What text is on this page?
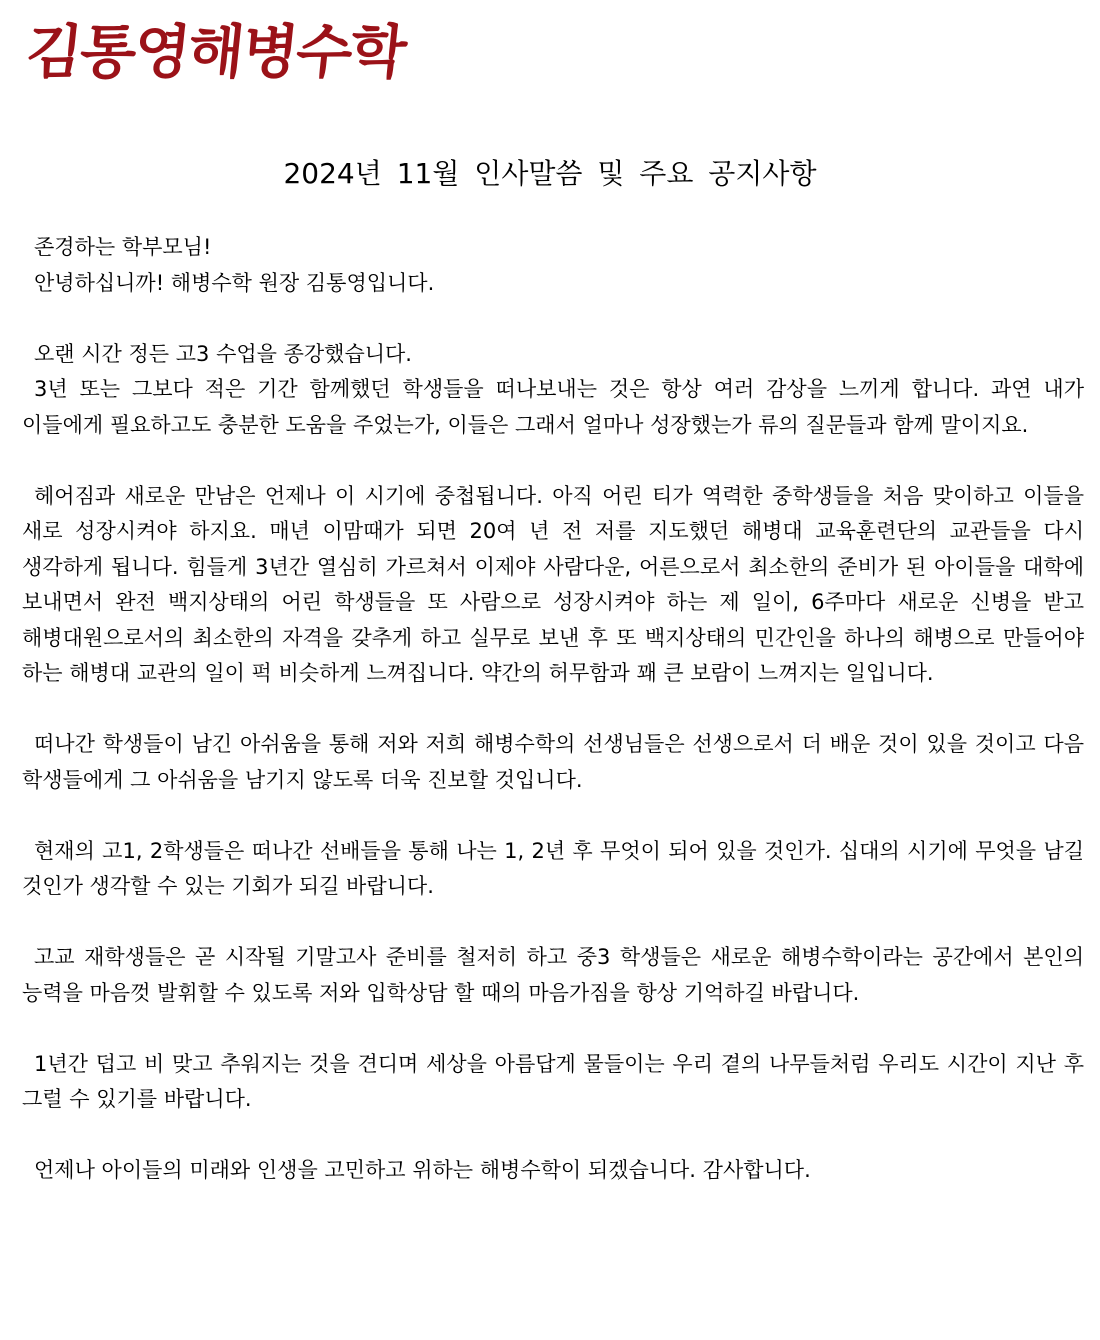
김통영해병수학
2024년 11월 인사말씀 및 주요 공지사항

존경하는 학부모님!

안녕하십니까! 해병수학 원장 김통영입니다.

오랜 시간 정든 고3 수업을 종강했습니다.

3년 또는 그보다 적은 기간 함께했던 학생들을 떠나보내는 것은 항상 여러 감상을 느끼게 합니다. 과연 내가 이들에게 필요하고도 충분한 도움을 주었는가, 이들은 그래서 얼마나 성장했는가 류의 질문들과 함께 말이지요.

헤어짐과 새로운 만남은 언제나 이 시기에 중첩됩니다. 아직 어린 티가 역력한 중학생들을 처음 맞이하고 이들을 새로 성장시켜야 하지요. 매년 이맘때가 되면 20여 년 전 저를 지도했던 해병대 교육훈련단의 교관들을 다시 생각하게 됩니다. 힘들게 3년간 열심히 가르쳐서 이제야 사람다운, 어른으로서 최소한의 준비가 된 아이들을 대학에 보내면서 완전 백지상태의 어린 학생들을 또 사람으로 성장시켜야 하는 제 일이, 6주마다 새로운 신병을 받고 해병대원으로서의 최소한의 자격을 갖추게 하고 실무로 보낸 후 또 백지상태의 민간인을 하나의 해병으로 만들어야 하는 해병대 교관의 일이 퍽 비슷하게 느껴집니다. 약간의 허무함과 꽤 큰 보람이 느껴지는 일입니다.

떠나간 학생들이 남긴 아쉬움을 통해 저와 저희 해병수학의 선생님들은 선생으로서 더 배운 것이 있을 것이고 다음 학생들에게 그 아쉬움을 남기지 않도록 더욱 진보할 것입니다.

현재의 고1, 2학생들은 떠나간 선배들을 통해 나는 1, 2년 후 무엇이 되어 있을 것인가. 십대의 시기에 무엇을 남길 것인가 생각할 수 있는 기회가 되길 바랍니다.

고교 재학생들은 곧 시작될 기말고사 준비를 철저히 하고 중3 학생들은 새로운 해병수학이라는 공간에서 본인의 능력을 마음껏 발휘할 수 있도록 저와 입학상담 할 때의 마음가짐을 항상 기억하길 바랍니다.

1년간 덥고 비 맞고 추워지는 것을 견디며 세상을 아름답게 물들이는 우리 곁의 나무들처럼 우리도 시간이 지난 후 그럴 수 있기를 바랍니다.

언제나 아이들의 미래와 인생을 고민하고 위하는 해병수학이 되겠습니다. 감사합니다.
